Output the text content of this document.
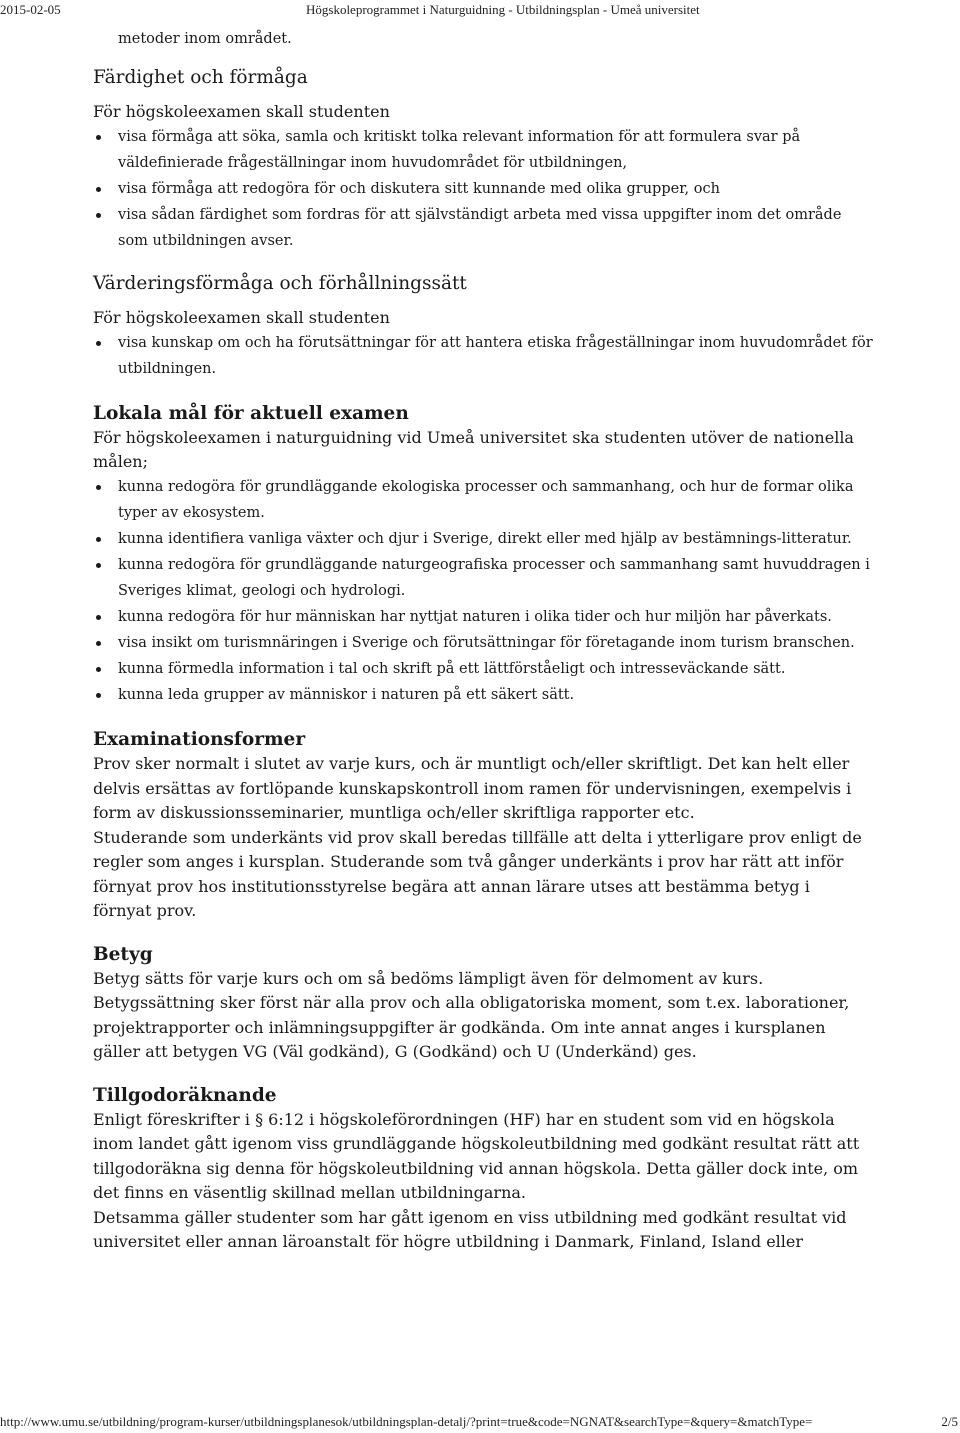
2015-02-05	Högskoleprogrammet i Naturguidning - Utbildningsplan - Umeå universitet

metoder inom området.

Färdighet och förmåga

För högskoleexamen skall studenten

visa förmåga att söka, samla och kritiskt tolka relevant information för att formulera svar på väldefinierade frågeställningar inom huvudområdet för utbildningen,
visa förmåga att redogöra för och diskutera sitt kunnande med olika grupper, och
visa sådan färdighet som fordras för att självständigt arbeta med vissa uppgifter inom det område som utbildningen avser.
Värderingsförmåga och förhållningssätt

För högskoleexamen skall studenten

visa kunskap om och ha förutsättningar för att hantera etiska frågeställningar inom huvudområdet för utbildningen.
Lokala mål för aktuell examen

För högskoleexamen i naturguidning vid Umeå universitet ska studenten utöver de nationella målen;

kunna redogöra för grundläggande ekologiska processer och sammanhang, och hur de formar olika typer av ekosystem.
kunna identifiera vanliga växter och djur i Sverige, direkt eller med hjälp av bestämnings-litteratur.
kunna redogöra för grundläggande naturgeografiska processer och sammanhang samt huvuddragen i Sveriges klimat, geologi och hydrologi.
kunna redogöra för hur människan har nyttjat naturen i olika tider och hur miljön har påverkats.
visa insikt om turismnäringen i Sverige och förutsättningar för företagande inom turism branschen.
kunna förmedla information i tal och skrift på ett lättförståeligt och intresseväckande sätt.
kunna leda grupper av människor i naturen på ett säkert sätt.
Examinationsformer

Prov sker normalt i slutet av varje kurs, och är muntligt och/eller skriftligt. Det kan helt eller delvis ersättas av fortlöpande kunskapskontroll inom ramen för undervisningen, exempelvis i form av diskussionsseminarier, muntliga och/eller skriftliga rapporter etc.

Studerande som underkänts vid prov skall beredas tillfälle att delta i ytterligare prov enligt de regler som anges i kursplan. Studerande som två gånger underkänts i prov har rätt att inför förnyat prov hos institutionsstyrelse begära att annan lärare utses att bestämma betyg i förnyat prov.

Betyg

Betyg sätts för varje kurs och om så bedöms lämpligt även för delmoment av kurs. Betygssättning sker först när alla prov och alla obligatoriska moment, som t.ex. laborationer, projektrapporter och inlämningsuppgifter är godkända. Om inte annat anges i kursplanen gäller att betygen VG (Väl godkänd), G (Godkänd) och U (Underkänd) ges.

Tillgodoräknande

Enligt föreskrifter i § 6:12 i högskoleförordningen (HF) har en student som vid en högskola inom landet gått igenom viss grundläggande högskoleutbildning med godkänt resultat rätt att tillgodoräkna sig denna för högskoleutbildning vid annan högskola. Detta gäller dock inte, om det finns en väsentlig skillnad mellan utbildningarna.

Detsamma gäller studenter som har gått igenom en viss utbildning med godkänt resultat vid universitet eller annan läroanstalt för högre utbildning i Danmark, Finland, Island eller

http://www.umu.se/utbildning/program-kurser/utbildningsplanesok/utbildningsplan-detalj/?print=true&code=NGNAT&searchType=&query=&matchType=	2/5
